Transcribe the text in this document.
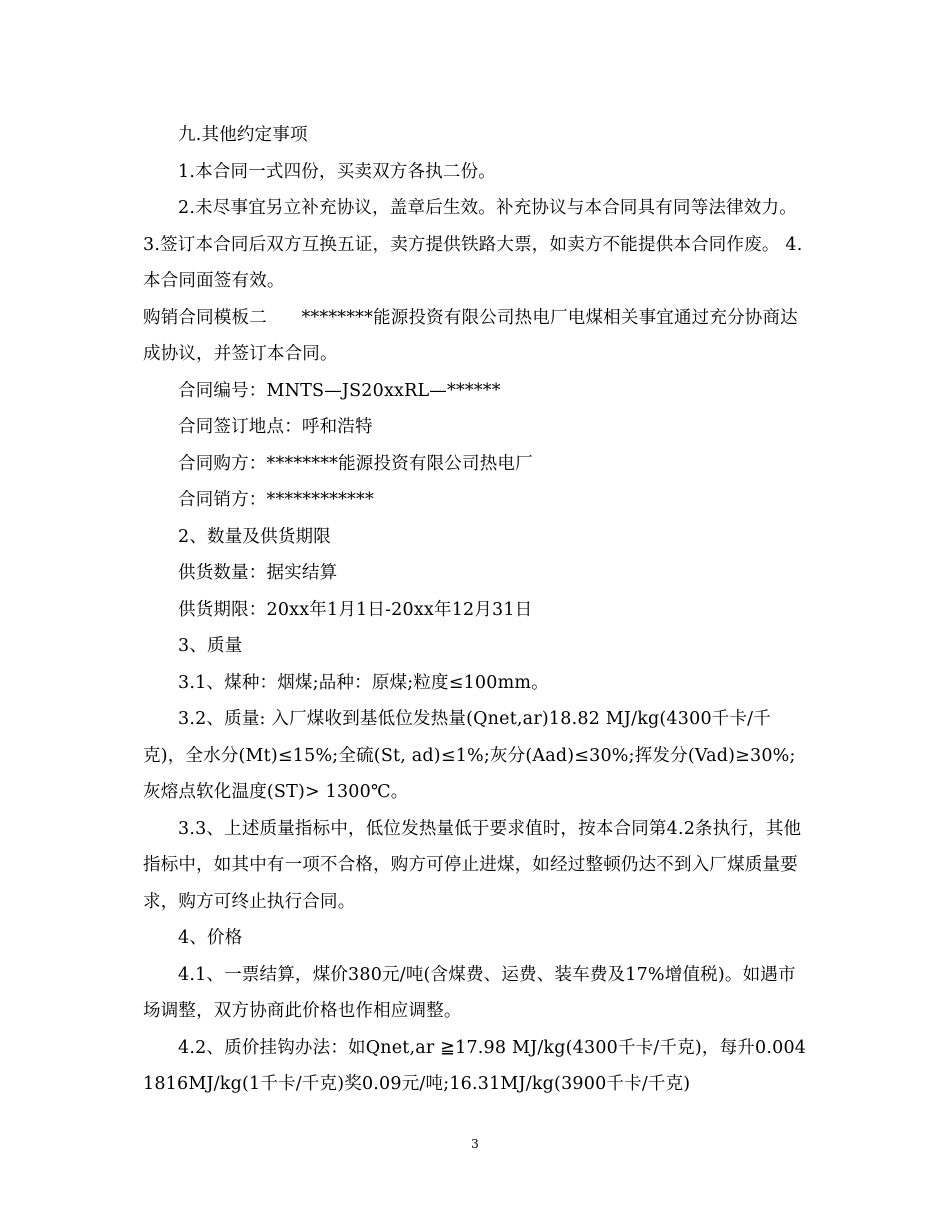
九.其他约定事项

1.本合同一式四份，买卖双方各执二份。

2.未尽事宜另立补充协议，盖章后生效。补充协议与本合同具有同等法律效力。 3.签订本合同后双方互换五证，卖方提供铁路大票，如卖方不能提供本合同作废。 4.本合同面签有效。

购销合同模板二      ********能源投资有限公司热电厂电煤相关事宜通过充分协商达成协议，并签订本合同。

合同编号：MNTS—JS20xxRL—******

合同签订地点：呼和浩特

合同购方：********能源投资有限公司热电厂

合同销方：************

2、数量及供货期限

供货数量：据实结算

供货期限：20xx年1月1日-20xx年12月31日

3、质量

3.1、煤种：烟煤;品种：原煤;粒度≤100mm。

3.2、质量: 入厂煤收到基低位发热量(Qnet,ar)18.82 MJ/kg(4300千卡/千克)，全水分(Mt)≤15%;全硫(St, ad)≤1%;灰分(Aad)≤30%;挥发分(Vad)≥30%;灰熔点软化温度(ST)> 1300℃。

3.3、上述质量指标中，低位发热量低于要求值时，按本合同第4.2条执行，其他指标中，如其中有一项不合格，购方可停止进煤，如经过整顿仍达不到入厂煤质量要求，购方可终止执行合同。

4、价格

4.1、一票结算，煤价380元/吨(含煤费、运费、装车费及17%增值税)。如遇市场调整，双方协商此价格也作相应调整。

4.2、质价挂钩办法：如Qnet,ar ≧17.98 MJ/kg(4300千卡/千克)，每升0.0041816MJ/kg(1千卡/千克)奖0.09元/吨;16.31MJ/kg(3900千卡/千克)

3
